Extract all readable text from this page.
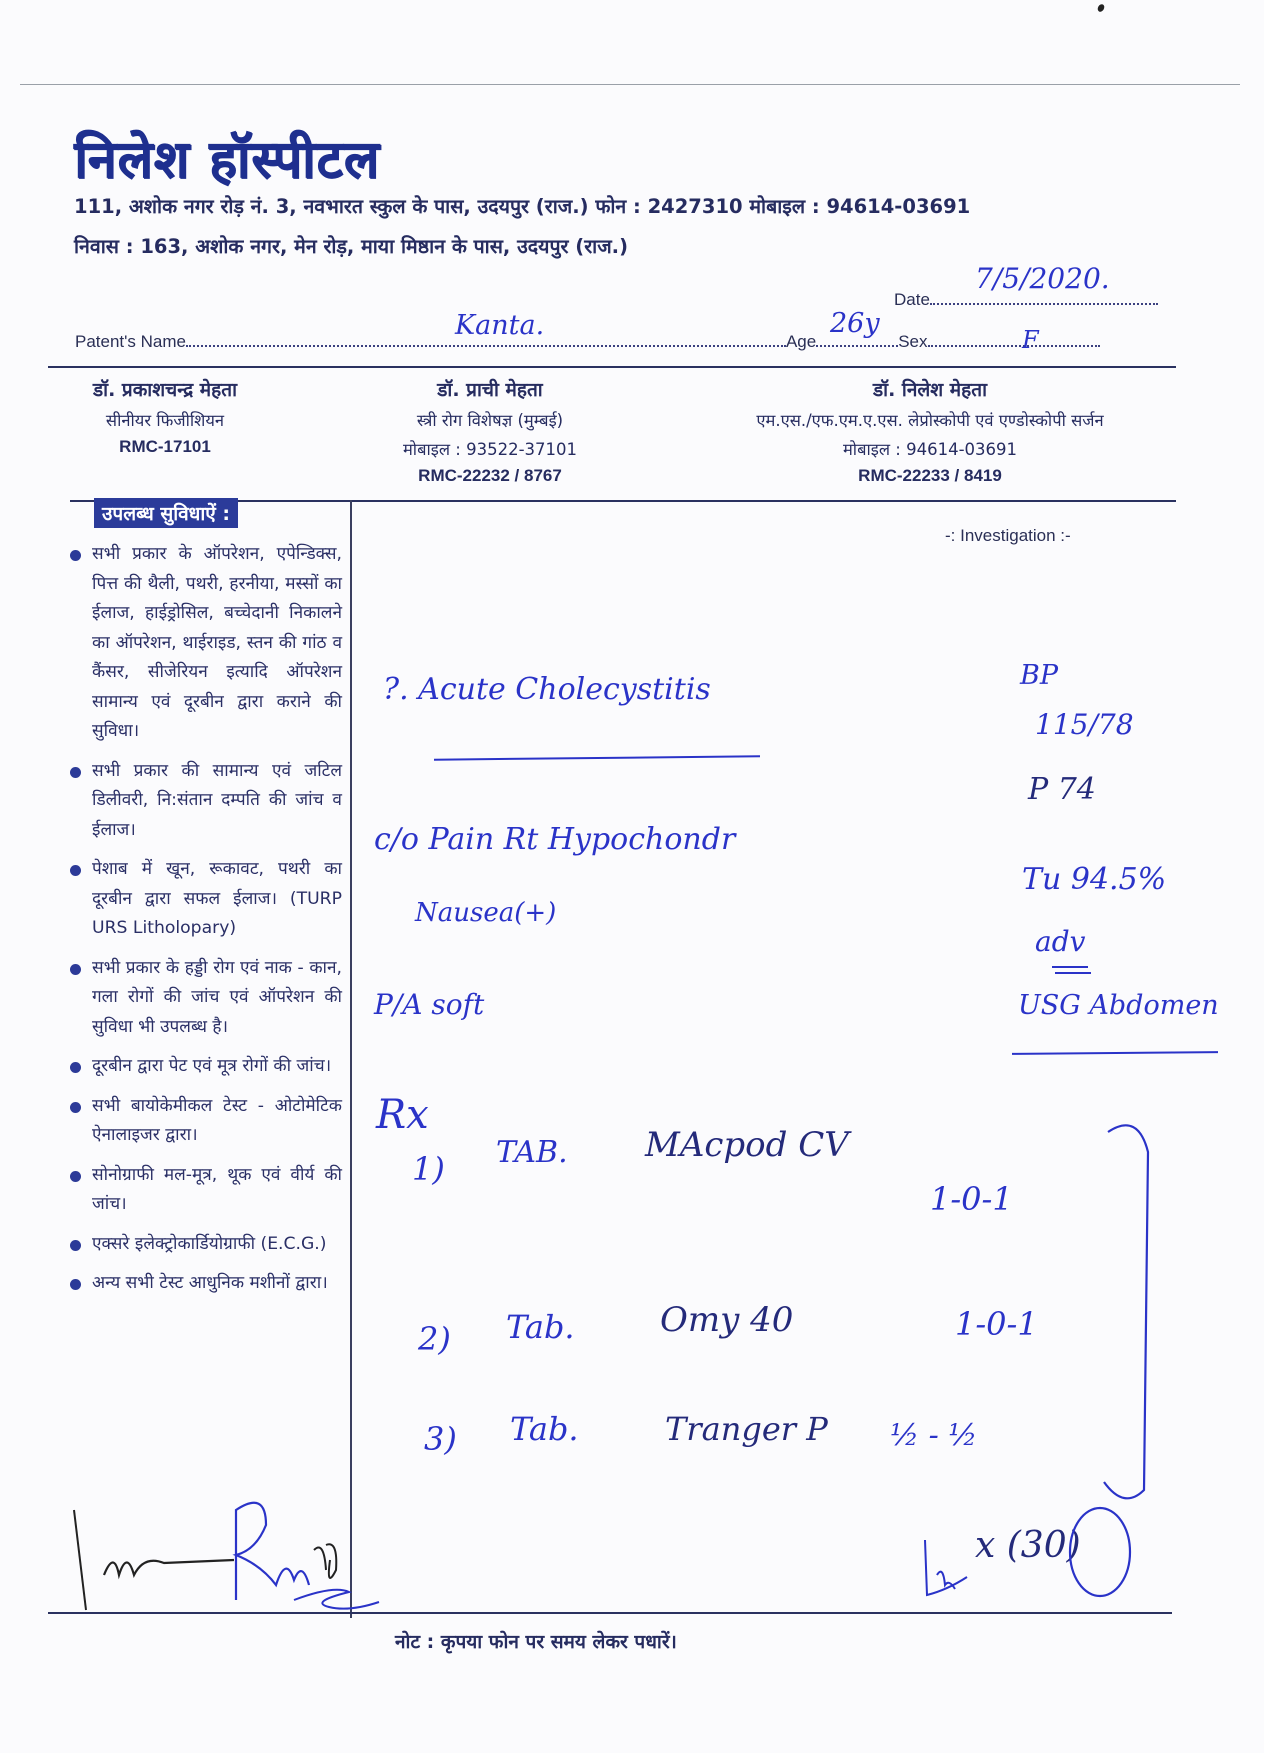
निलेश हॉस्पीटल
111, अशोक नगर रोड़ नं. 3, नवभारत स्कुल के पास, उदयपुर (राज.) फोन : 2427310 मोबाइल : 94614-03691
निवास : 163, अशोक नगर, मेन रोड़, माया मिष्ठान के पास, उदयपुर (राज.)
Date
7/5/2020.
Patent's Name	Age	Sex
Kanta.	26y
F
डॉ. प्रकाशचन्द्र मेहता
सीनीयर फिजीशियन
RMC-17101
डॉ. प्राची मेहता
स्त्री रोग विशेषज्ञ (मुम्बई)
मोबाइल : 93522-37101
RMC-22232 / 8767
डॉ. निलेश मेहता
एम.एस./एफ.एम.ए.एस. लेप्रोस्कोपी एवं एण्डोस्कोपी सर्जन
मोबाइल : 94614-03691
RMC-22233 / 8419
उपलब्ध सुविधाऐं :
सभी प्रकार के ऑपरेशन, एपेन्डिक्स, पित्त की थैली, पथरी, हरनीया, मस्सों का ईलाज, हाईड्रोसिल, बच्चेदानी निकालने का ऑपरेशन, थाईराइड, स्तन की गांठ व कैंसर, सीजेरियन इत्यादि ऑपरेशन सामान्य एवं दूरबीन द्वारा कराने की सुविधा।
सभी प्रकार की सामान्य एवं जटिल डिलीवरी, नि:संतान दम्पति की जांच व ईलाज।
पेशाब में खून, रूकावट, पथरी का दूरबीन द्वारा सफल ईलाज। (TURP URS Litholopary)
सभी प्रकार के हड्डी रोग एवं नाक - कान, गला रोगों की जांच एवं ऑपरेशन की सुविधा भी उपलब्ध है।
दूरबीन द्वारा पेट एवं मूत्र रोगों की जांच।
सभी बायोकेमीकल टेस्ट - ओटोमेटिक ऐनालाइजर द्वारा।
सोनोग्राफी मल-मूत्र, थूक एवं वीर्य की जांच।
एक्सरे इलेक्ट्रोकार्डियोग्राफी (E.C.G.)
अन्य सभी टेस्ट आधुनिक मशीनों द्वारा।
-: Investigation :-
?. Acute Cholecystitis
c/o Pain Rt Hypochondr
Nausea(+)
P/A soft
BP
115/78
P 74
Tu 94.5%
adv
USG Abdomen
Rx
1) TAB. MAcpod CV
1-0-1
2) Tab.	Omy 40	1-0-1
3) Tab.	Tranger P ½ - ½
x (30)
नोट : कृपया फोन पर समय लेकर पधारें।
